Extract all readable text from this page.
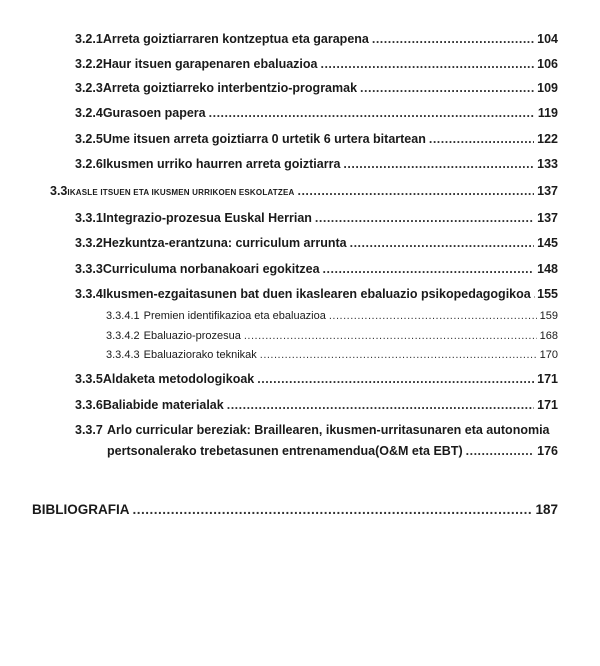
3.2.1 Arreta goiztiarraren kontzeptua eta garapena .....	104
3.2.2 Haur itsuen garapenaren ebaluazioa .....	106
3.2.3 Arreta goiztiarreko interbentzio-programak .....	109
3.2.4 Gurasoen papera .....	119
3.2.5 Ume itsuen arreta goiztiarra 0 urtetik 6 urtera bitartean .....	122
3.2.6 Ikusmen urriko haurren arreta goiztiarra .....	133
3.3 IKASLE ITSUEN ETA IKUSMEN URRIKOEN ESKOLATZEA .....	137
3.3.1 Integrazio-prozesua Euskal Herrian .....	137
3.3.2 Hezkuntza-erantzuna: curriculum arrunta .....	145
3.3.3 Curriculuma norbanakoari egokitzea .....	148
3.3.4 Ikusmen-ezgaitasunen bat duen ikaslearen ebaluazio psikopedagogikoa ..... 155
3.3.4.1 Premien identifikazioa eta ebaluazioa .....	159
3.3.4.2 Ebaluazio-prozesua .....	168
3.3.4.3 Ebaluaziorako teknikak .....	170
3.3.5 Aldaketa metodologikoak .....	171
3.3.6 Baliabide materialak .....	171
3.3.7 Arlo curricular bereziak: Braillearen, ikusmen-urritasunaren eta autonomia
pertsonalerako trebetasunen entrenamendua(O&M eta EBT) .....	176
BIBLIOGRAFIA .....	187
